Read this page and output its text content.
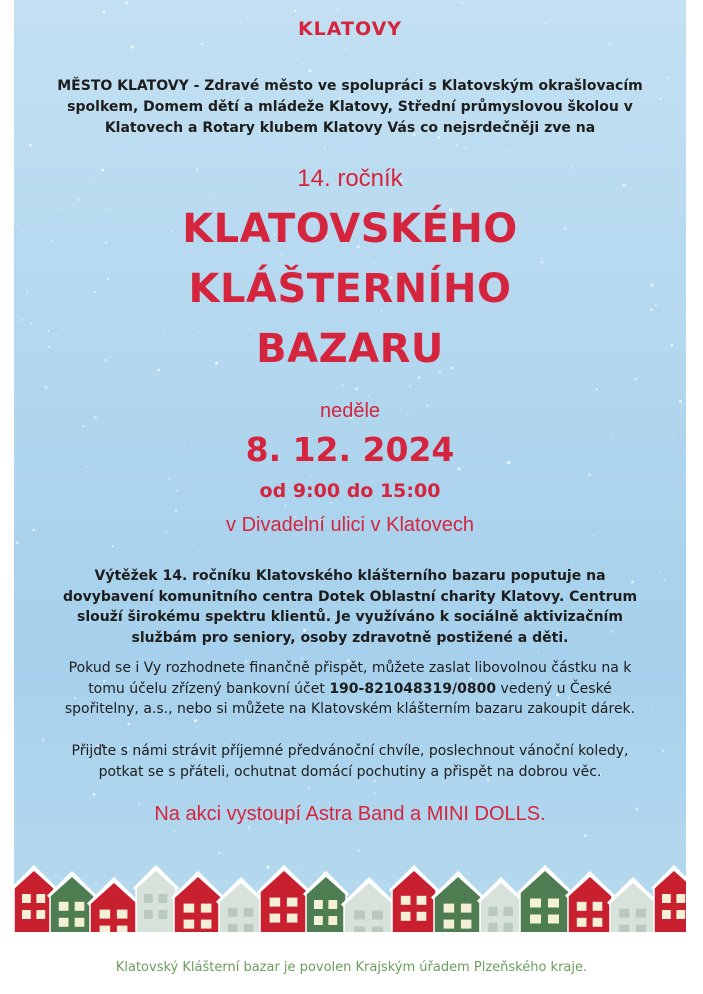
KLATOVY
MĚSTO KLATOVY - Zdravé město ve spolupráci s Klatovským okrašlovacím spolkem, Domem dětí a mládeže Klatovy, Střední průmyslovou školou v Klatovech a Rotary klubem Klatovy Vás co nejsrdečněji zve na
14. ročník
KLATOVSKÉHO
KLÁŠTERNÍHO
BAZARU
neděle
8. 12. 2024
od 9:00 do 15:00
v Divadelní ulici v Klatovech
Výtěžek 14. ročníku Klatovského klášterního bazaru poputuje na dovybavení komunitního centra Dotek Oblastní charity Klatovy. Centrum slouží širokému spektru klientů. Je využíváno k sociálně aktivizačním službám pro seniory, osoby zdravotně postižené a děti.
Pokud se i Vy rozhodnete finančně přispět, můžete zaslat libovolnou částku na k tomu účelu zřízený bankovní účet 190-821048319/0800 vedený u České spořitelny, a.s., nebo si můžete na Klatovském klášterním bazaru zakoupit dárek.
Přijďte s námi strávit příjemné předvánoční chvíle, poslechnout vánoční koledy, potkat se s přáteli, ochutnat domácí pochutiny a přispět na dobrou věc.
Na akci vystoupí Astra Band a MINI DOLLS.
Klatovský Klášterní bazar je povolen Krajským úřadem Plzeňského kraje.
